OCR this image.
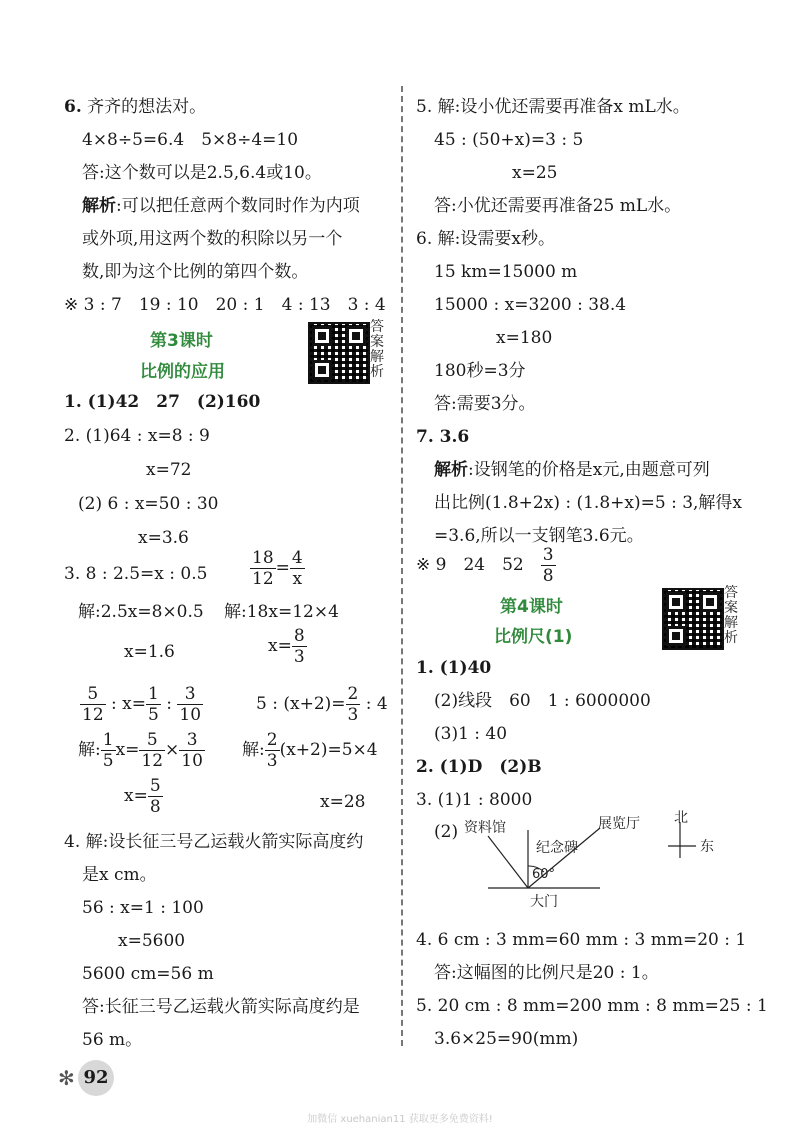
6. 齐齐的想法对。
4×8÷5=6.4　5×8÷4=10
答:这个数可以是2.5,6.4或10。
解析:可以把任意两个数同时作为内项
或外项,用这两个数的积除以另一个
数,即为这个比例的第四个数。
※ 3 : 7　19 : 10　20 : 1　4 : 13　3 : 4
第3课时
比例的应用
答案解析
1. (1)42　27　(2)160
2. (1)64 : x=8 : 9
x=72
(2) 6 : x=50 : 30
x=3.6
3. 8 : 2.5=x : 0.5	$\frac{18}{12} = \frac{4}{x}$
解:2.5x=8×0.5 解:18x=12×4
x=1.6	$x= \frac{8}{3}$
$\frac{5}{12}$ : $x= \frac{1}{5}$ : $\frac{3}{10}$	5 : $(x+2)= \frac{2}{3}$ : 4
解: $\frac{1}{5} x= \frac{5}{12} \times \frac{3}{10}$ 解: $\frac{2}{3} (x+2)=5\times 4$
$x= \frac{5}{8}$	x=28
4. 解:设长征三号乙运载火箭实际高度约
是x cm。
56 : x=1 : 100
x=5600
5600 cm=56 m
答:长征三号乙运载火箭实际高度约是
56 m。
5. 解:设小优还需要再准备x mL水。
45 : (50+x)=3 : 5
x=25
答:小优还需要再准备25 mL水。
6. 解:设需要x秒。
15 km=15000 m
15000 : x=3200 : 38.4
x=180
180秒=3分
答:需要3分。
7. 3.6
解析:设钢笔的价格是x元,由题意可列
出比例(1.8+2x) : (1.8+x)=5 : 3,解得x
=3.6,所以一支钢笔3.6元。
※ 9　24　52　 $\frac{3}{8}$
第4课时
比例尺(1)
答案解析
1. (1)40
(2)线段　60　1 : 6000000
(3)1 : 40
2. (1)D　(2)B
3. (1)1 : 8000
(2) 资料馆
纪念碑
展览厅
60°
大门
北
东
4. 6 cm : 3 mm=60 mm : 3 mm=20 : 1
答:这幅图的比例尺是20 : 1。
5. 20 cm : 8 mm=200 mm : 8 mm=25 : 1
3.6×25=90(mm)
✻ 92
加微信 xuehanian11 获取更多免费资料!
